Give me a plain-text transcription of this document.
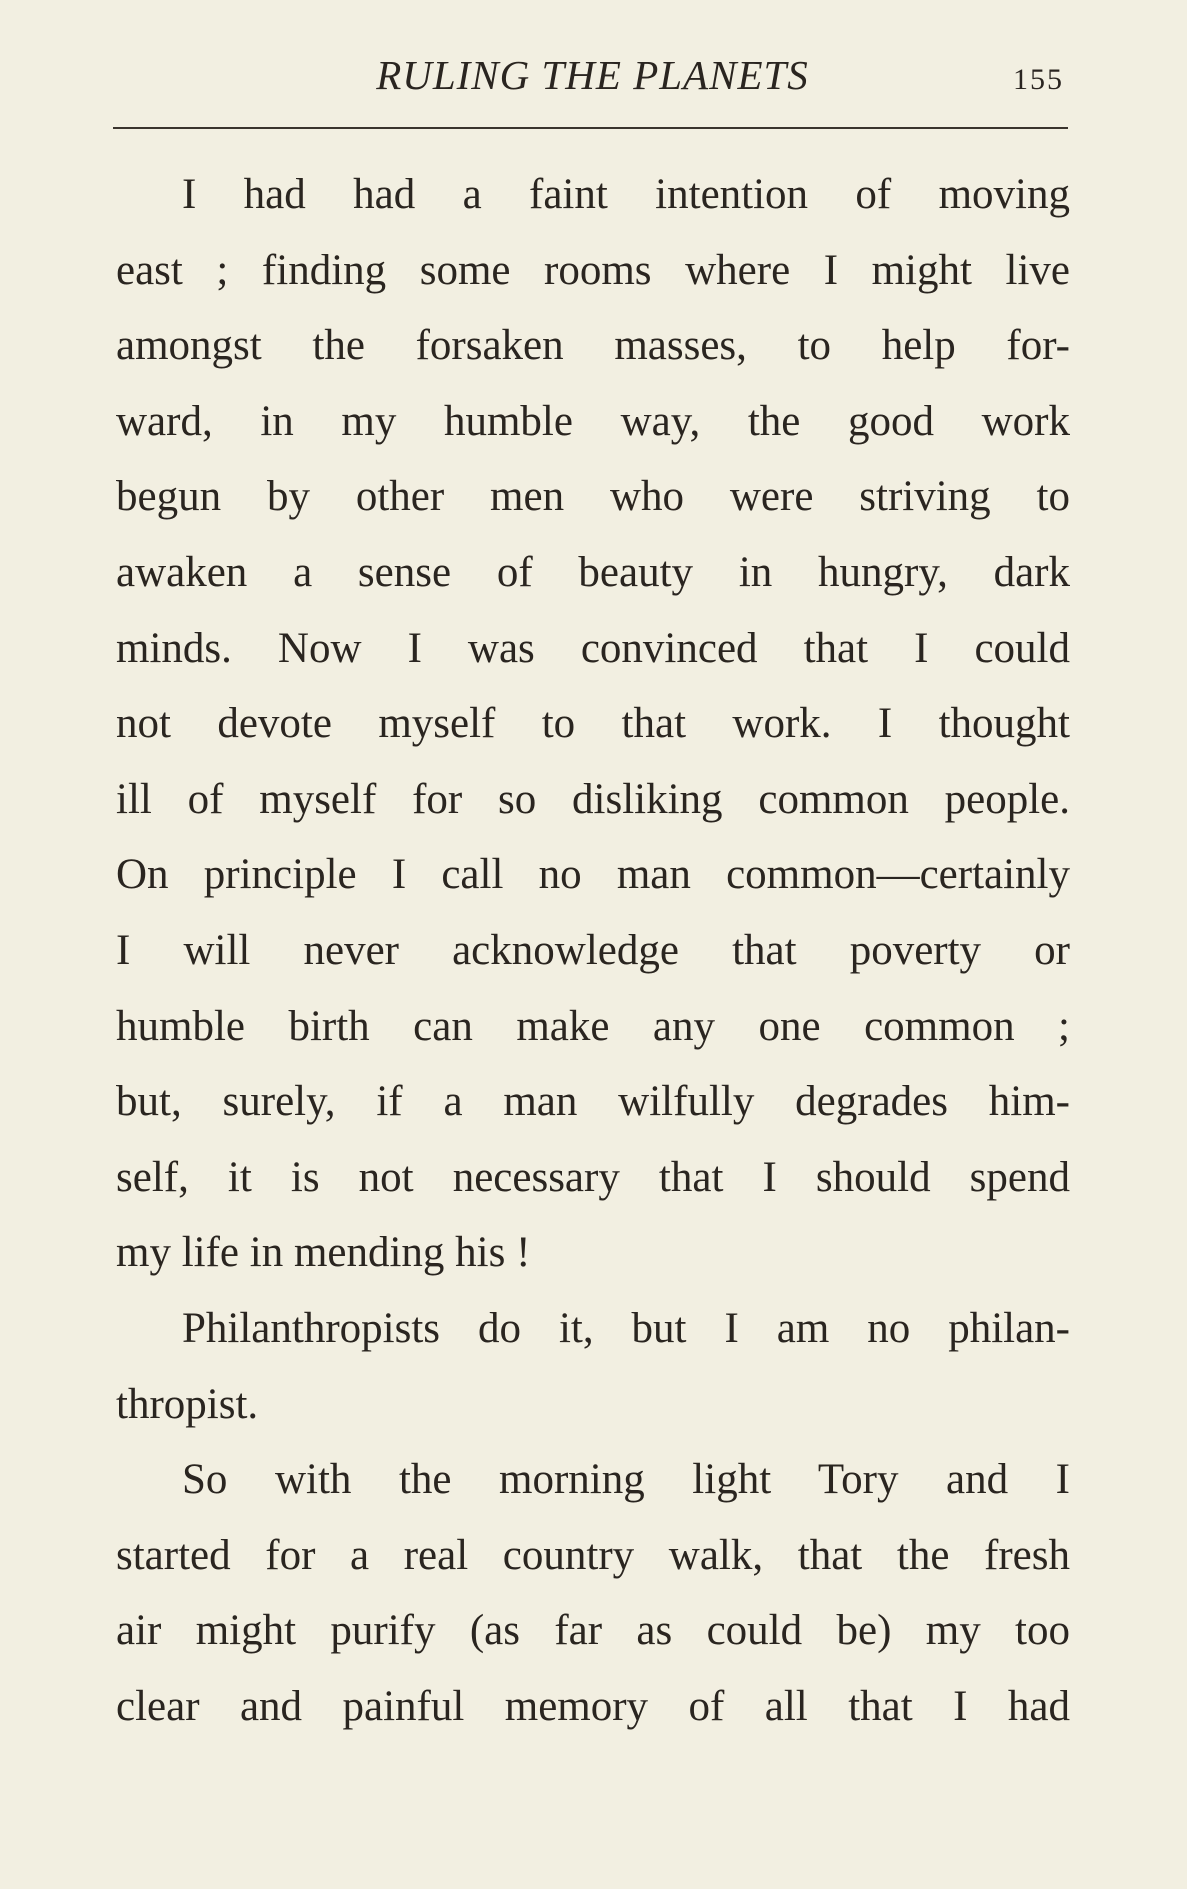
RULING THE PLANETS	155
I had had a faint intention of moving
east ; finding some rooms where I might live
amongst the forsaken masses, to help for-
ward, in my humble way, the good work
begun by other men who were striving to
awaken a sense of beauty in hungry, dark
minds. Now I was convinced that I could
not devote myself to that work. I thought
ill of myself for so disliking common people.
On principle I call no man common—certainly
I will never acknowledge that poverty or
humble birth can make any one common ;
but, surely, if a man wilfully degrades him-
self, it is not necessary that I should spend
my life in mending his !
Philanthropists do it, but I am no philan-
thropist.
So with the morning light Tory and I
started for a real country walk, that the fresh
air might purify (as far as could be) my too
clear and painful memory of all that I had
